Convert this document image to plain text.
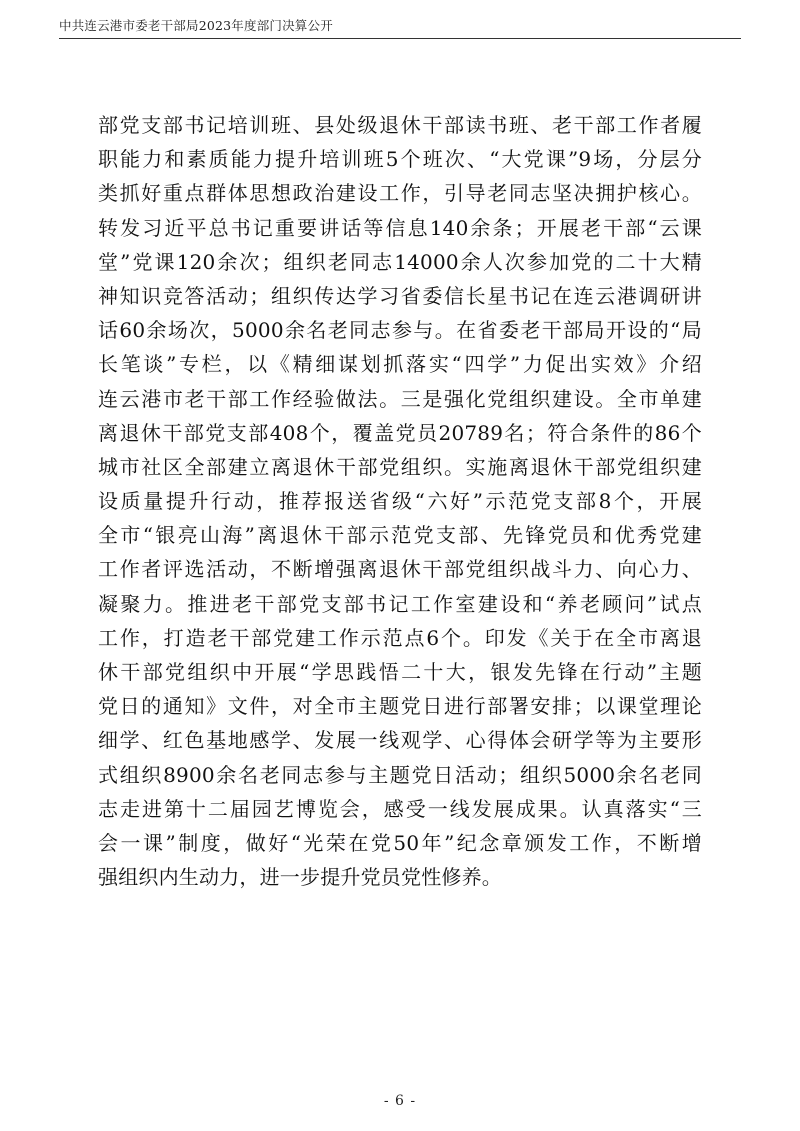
中共连云港市委老干部局2023年度部门决算公开
部党支部书记培训班、县处级退休干部读书班、老干部工作者履
职能力和素质能力提升培训班5个班次、“大党课”9场，分层分
类抓好重点群体思想政治建设工作，引导老同志坚决拥护核心。
转发习近平总书记重要讲话等信息140余条；开展老干部“云课
堂”党课120余次；组织老同志14000余人次参加党的二十大精
神知识竞答活动；组织传达学习省委信长星书记在连云港调研讲
话60余场次，5000余名老同志参与。在省委老干部局开设的“局
长笔谈”专栏，以《精细谋划抓落实“四学”力促出实效》介绍
连云港市老干部工作经验做法。三是强化党组织建设。全市单建
离退休干部党支部408个，覆盖党员20789名；符合条件的86个
城市社区全部建立离退休干部党组织。实施离退休干部党组织建
设质量提升行动，推荐报送省级“六好”示范党支部8个，开展
全市“银亮山海”离退休干部示范党支部、先锋党员和优秀党建
工作者评选活动，不断增强离退休干部党组织战斗力、向心力、
凝聚力。推进老干部党支部书记工作室建设和“养老顾问”试点
工作，打造老干部党建工作示范点6个。印发《关于在全市离退
休干部党组织中开展“学思践悟二十大，银发先锋在行动”主题
党日的通知》文件，对全市主题党日进行部署安排；以课堂理论
细学、红色基地感学、发展一线观学、心得体会研学等为主要形
式组织8900余名老同志参与主题党日活动；组织5000余名老同
志走进第十二届园艺博览会，感受一线发展成果。认真落实“三
会一课”制度，做好“光荣在党50年”纪念章颁发工作，不断增
强组织内生动力，进一步提升党员党性修养。
- 6 -
